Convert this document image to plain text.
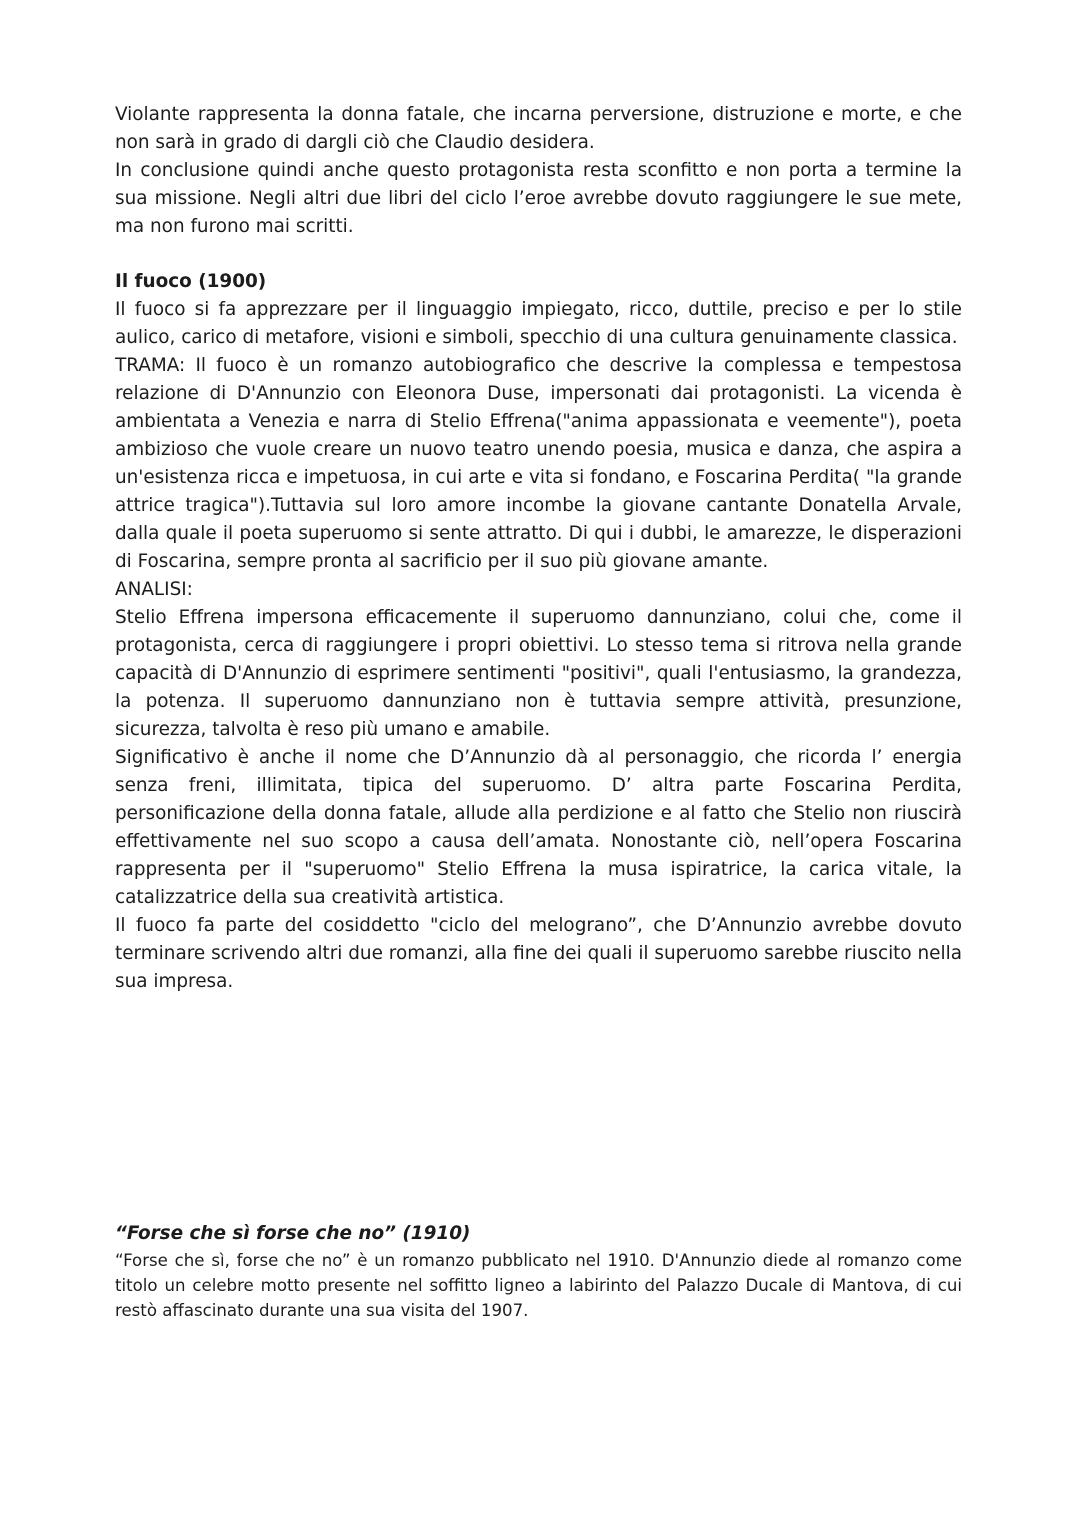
Violante rappresenta la donna fatale, che incarna perversione, distruzione e morte, e che non sarà in grado di dargli ciò che Claudio desidera.

In conclusione quindi anche questo protagonista resta sconfitto e non porta a termine la sua missione. Negli altri due libri del ciclo l’eroe avrebbe dovuto raggiungere le sue mete, ma non furono mai scritti.

Il fuoco (1900)

Il fuoco si fa apprezzare per il linguaggio impiegato, ricco, duttile, preciso e per lo stile aulico, carico di metafore, visioni e simboli, specchio di una cultura genuinamente classica.

TRAMA: Il fuoco è un romanzo autobiografico che descrive la complessa e tempestosa relazione di D'Annunzio con Eleonora Duse, impersonati dai protagonisti. La vicenda è ambientata a Venezia e narra di Stelio Effrena("anima appassionata e veemente"), poeta ambizioso che vuole creare un nuovo teatro unendo poesia, musica e danza, che aspira a un'esistenza ricca e impetuosa, in cui arte e vita si fondano, e Foscarina Perdita( "la grande attrice tragica").Tuttavia sul loro amore incombe la giovane cantante Donatella Arvale, dalla quale il poeta superuomo si sente attratto. Di qui i dubbi, le amarezze, le disperazioni di Foscarina, sempre pronta al sacrificio per il suo più giovane amante.

ANALISI:

Stelio Effrena impersona efficacemente il superuomo dannunziano, colui che, come il protagonista, cerca di raggiungere i propri obiettivi. Lo stesso tema si ritrova nella grande capacità di D'Annunzio di esprimere sentimenti "positivi", quali l'entusiasmo, la grandezza, la potenza. Il superuomo dannunziano non è tuttavia sempre attività, presunzione, sicurezza, talvolta è reso più umano e amabile.

Significativo è anche il nome che D’Annunzio dà al personaggio, che ricorda l’ energia senza freni, illimitata, tipica del superuomo. D’ altra parte Foscarina Perdita, personificazione della donna fatale, allude alla perdizione e al fatto che Stelio non riuscirà effettivamente nel suo scopo a causa dell’amata. Nonostante ciò, nell’opera Foscarina rappresenta per il "superuomo" Stelio Effrena la musa ispiratrice, la carica vitale, la catalizzatrice della sua creatività artistica.

Il fuoco fa parte del cosiddetto "ciclo del melograno”, che D’Annunzio avrebbe dovuto terminare scrivendo altri due romanzi, alla fine dei quali il superuomo sarebbe riuscito nella sua impresa.

“Forse che sì forse che no” (1910)

“Forse che sì, forse che no” è un romanzo pubblicato nel 1910. D'Annunzio diede al romanzo come titolo un celebre motto presente nel soffitto ligneo a labirinto del Palazzo Ducale di Mantova, di cui restò affascinato durante una sua visita del 1907.
